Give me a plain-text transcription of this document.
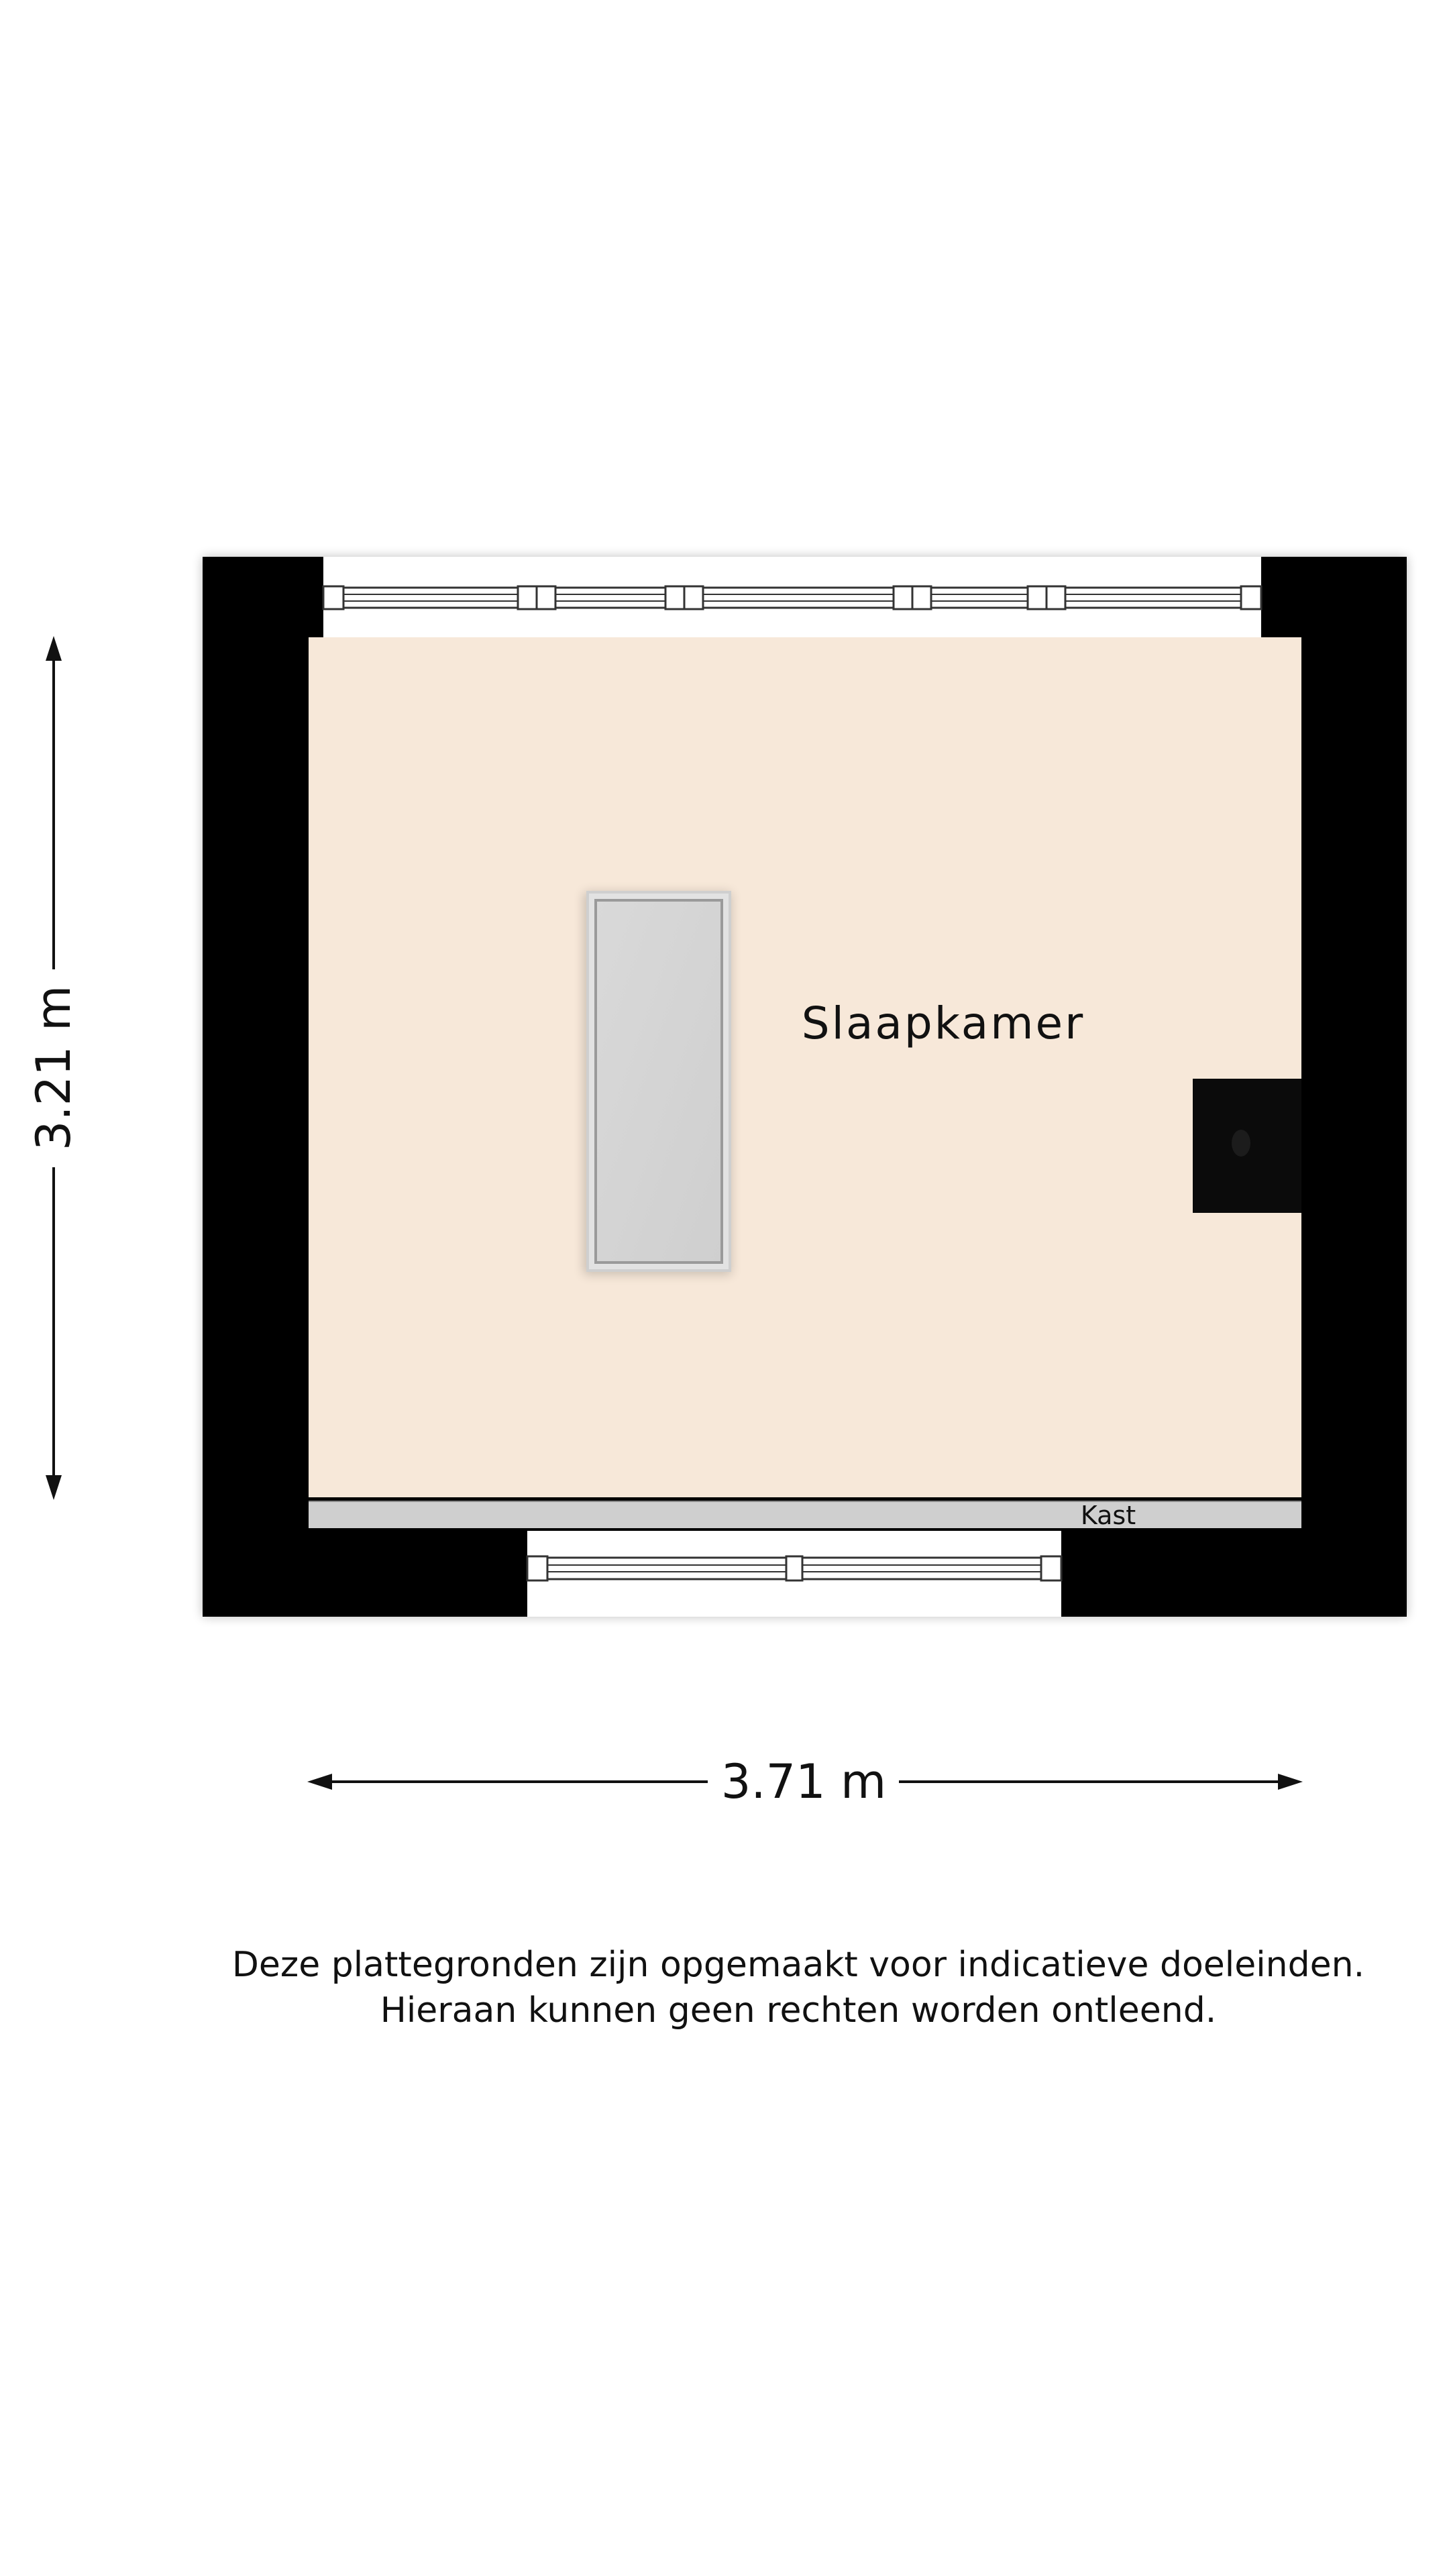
Kast
Slaapkamer
3.21 m
3.71 m
Deze plattegronden zijn opgemaakt voor indicatieve doeleinden.
Hieraan kunnen geen rechten worden ontleend.
